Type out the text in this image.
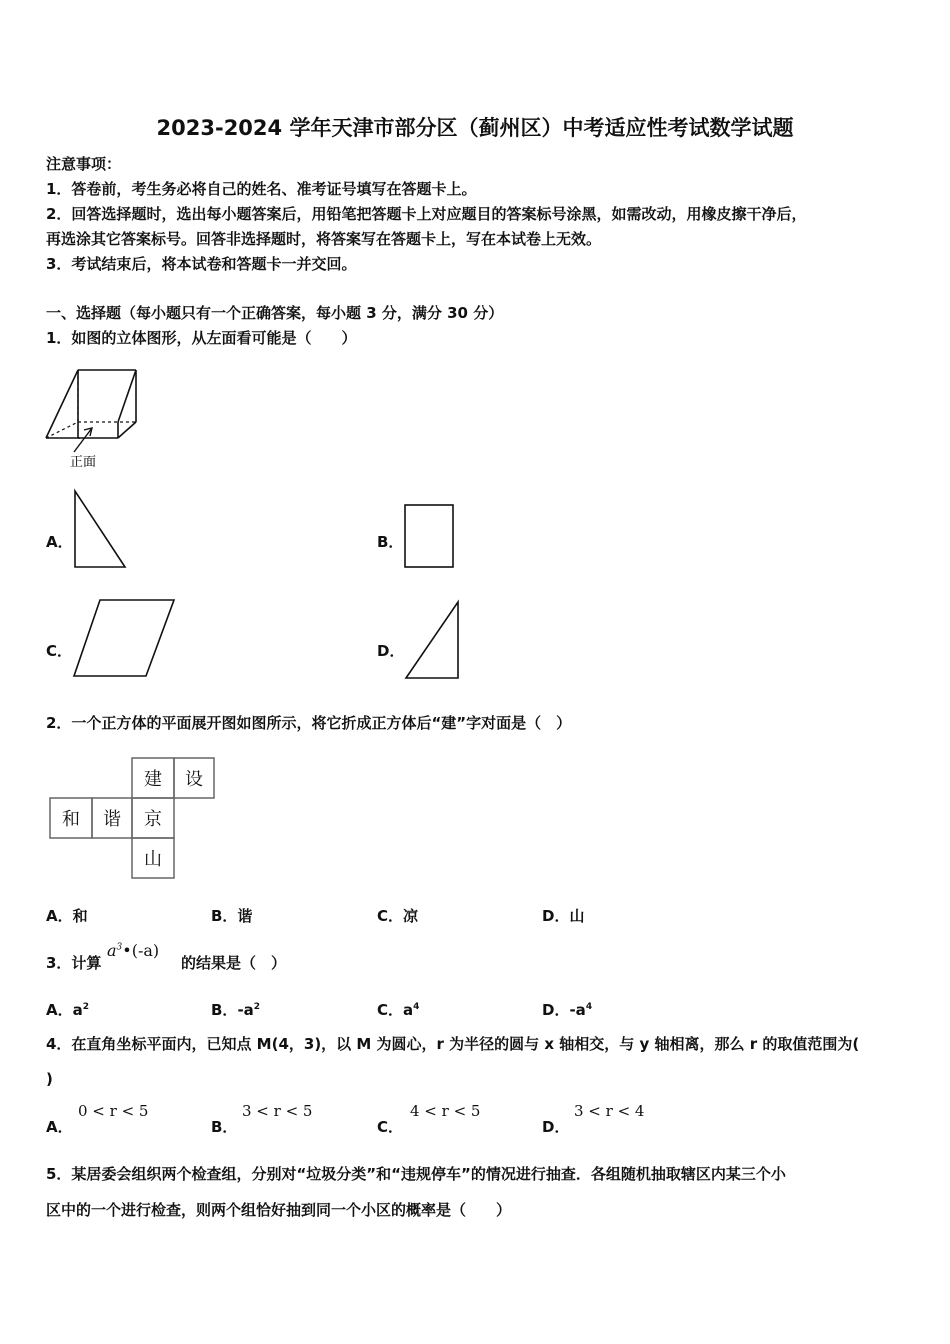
2023-2024 学年天津市部分区（蓟州区）中考适应性考试数学试题
注意事项：
1．答卷前，考生务必将自己的姓名、准考证号填写在答题卡上。
2．回答选择题时，选出每小题答案后，用铅笔把答题卡上对应题目的答案标号涂黑，如需改动，用橡皮擦干净后，
再选涂其它答案标号。回答非选择题时，将答案写在答题卡上，写在本试卷上无效。
3．考试结束后，将本试卷和答题卡一并交回。
一、选择题（每小题只有一个正确答案，每小题 3 分，满分 30 分）
1．如图的立体图形，从左面看可能是（　　）
正面
A．	B．
C．	D．
2．一个正方体的平面展开图如图所示，将它折成正方体后“建”字对面是（　）
建 设
和 谐 京
山
A．和	B．谐	C．凉	D．山
3．计算
$a^3•(-a)$
的结果是（　）
A．$a^2$	B．$-a^2$	C．$a^4$	D．$-a^4$
4．在直角坐标平面内，已知点 M(4，3)，以 M 为圆心，r 为半径的圆与 x 轴相交，与 y 轴相离，那么 r 的取值范围为(
)
A．
0 < r < 5
B．
3 < r < 5
C．
4 < r < 5
D．
3 < r < 4
5．某居委会组织两个检查组，分别对“垃圾分类”和“违规停车”的情况进行抽查．各组随机抽取辖区内某三个小
区中的一个进行检查，则两个组恰好抽到同一个小区的概率是（　　）
